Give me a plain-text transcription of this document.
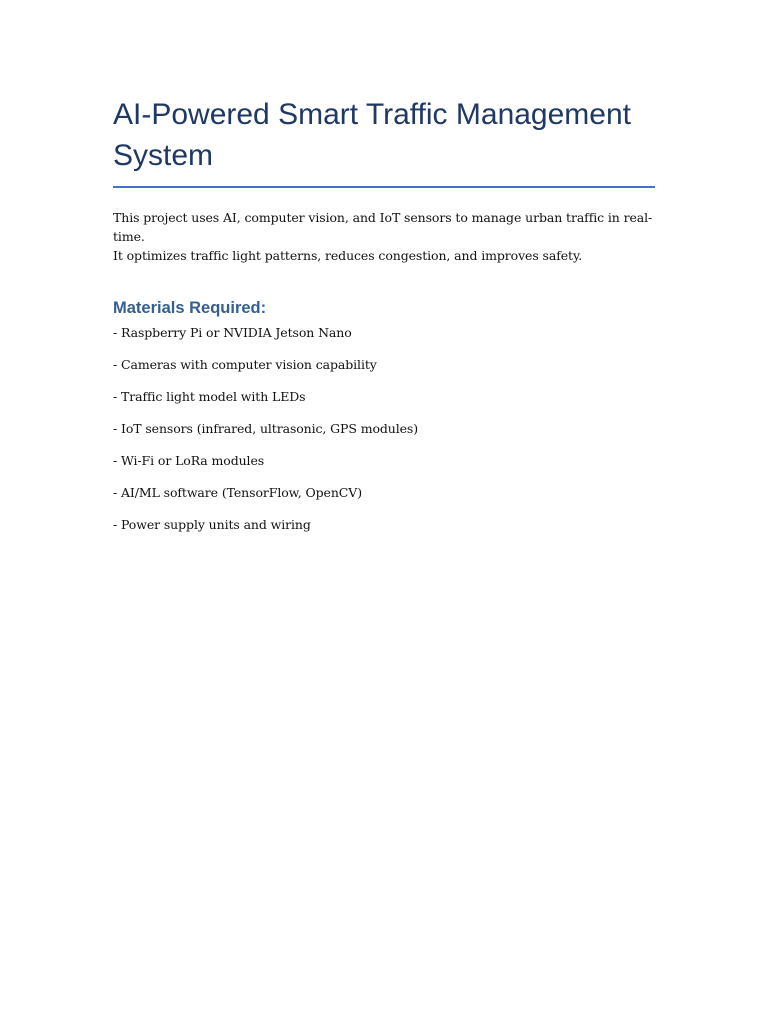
AI-Powered Smart Traffic Management System

This project uses AI, computer vision, and IoT sensors to manage urban traffic in real-time.
It optimizes traffic light patterns, reduces congestion, and improves safety.

Materials Required:
- Raspberry Pi or NVIDIA Jetson Nano
- Cameras with computer vision capability
- Traffic light model with LEDs
- IoT sensors (infrared, ultrasonic, GPS modules)
- Wi-Fi or LoRa modules
- AI/ML software (TensorFlow, OpenCV)
- Power supply units and wiring
